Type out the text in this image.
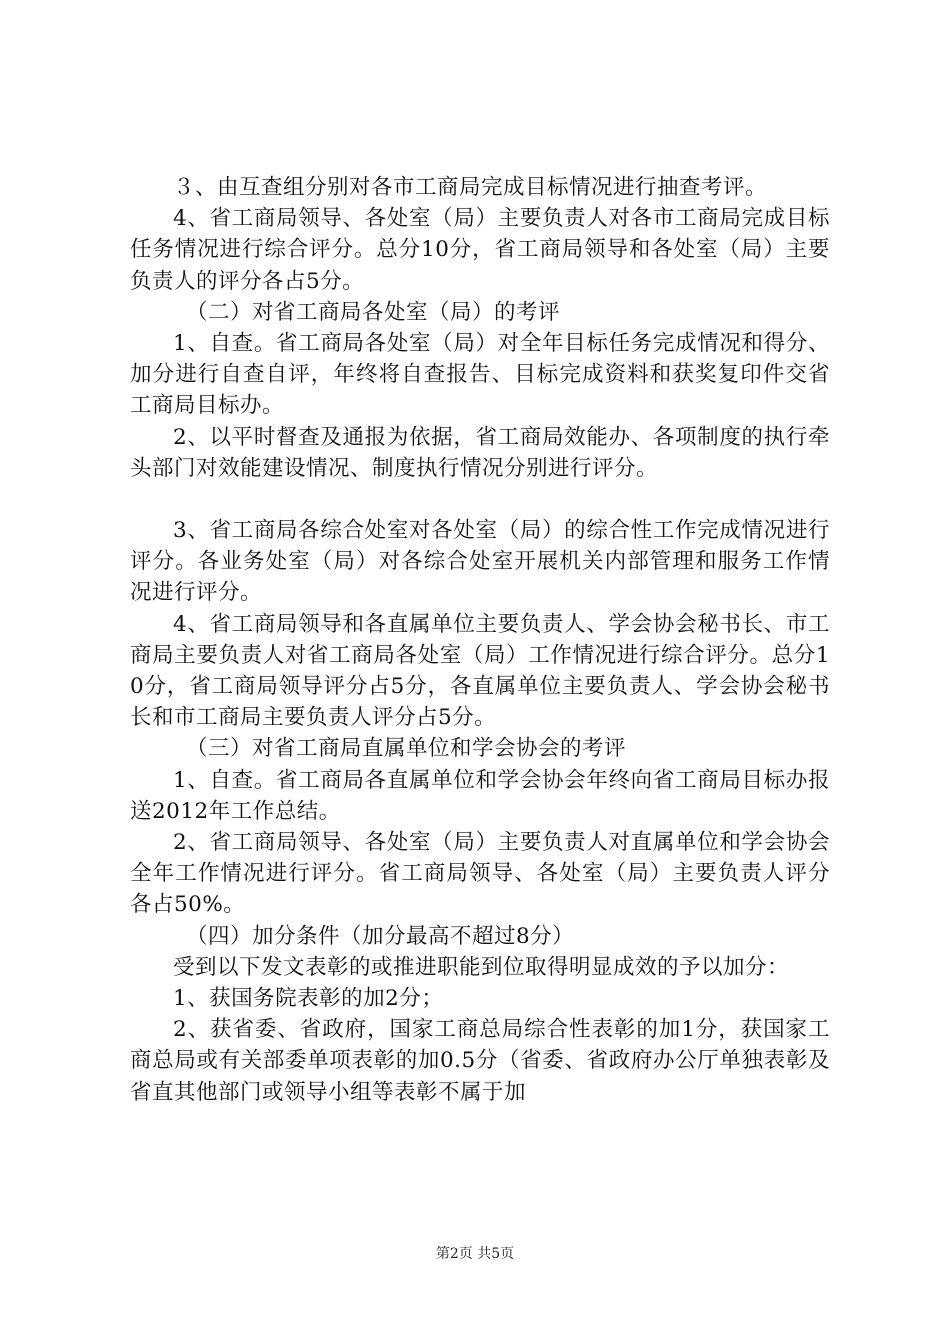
３、由互查组分别对各市工商局完成目标情况进行抽查考评。

4、省工商局领导、各处室（局）主要负责人对各市工商局完成目标任务情况进行综合评分。总分10分，省工商局领导和各处室（局）主要负责人的评分各占5分。

（二）对省工商局各处室（局）的考评

1、自查。省工商局各处室（局）对全年目标任务完成情况和得分、加分进行自查自评，年终将自查报告、目标完成资料和获奖复印件交省工商局目标办。

2、以平时督查及通报为依据，省工商局效能办、各项制度的执行牵头部门对效能建设情况、制度执行情况分别进行评分。

3、省工商局各综合处室对各处室（局）的综合性工作完成情况进行评分。各业务处室（局）对各综合处室开展机关内部管理和服务工作情况进行评分。

4、省工商局领导和各直属单位主要负责人、学会协会秘书长、市工商局主要负责人对省工商局各处室（局）工作情况进行综合评分。总分10分，省工商局领导评分占5分，各直属单位主要负责人、学会协会秘书长和市工商局主要负责人评分占5分。

（三）对省工商局直属单位和学会协会的考评

1、自查。省工商局各直属单位和学会协会年终向省工商局目标办报送2012年工作总结。

2、省工商局领导、各处室（局）主要负责人对直属单位和学会协会全年工作情况进行评分。省工商局领导、各处室（局）主要负责人评分各占50%。

（四）加分条件（加分最高不超过8分）

受到以下发文表彰的或推进职能到位取得明显成效的予以加分：

1、获国务院表彰的加2分；

2、获省委、省政府，国家工商总局综合性表彰的加1分，获国家工商总局或有关部委单项表彰的加0.5分（省委、省政府办公厅单独表彰及省直其他部门或领导小组等表彰不属于加

第2页 共5页
